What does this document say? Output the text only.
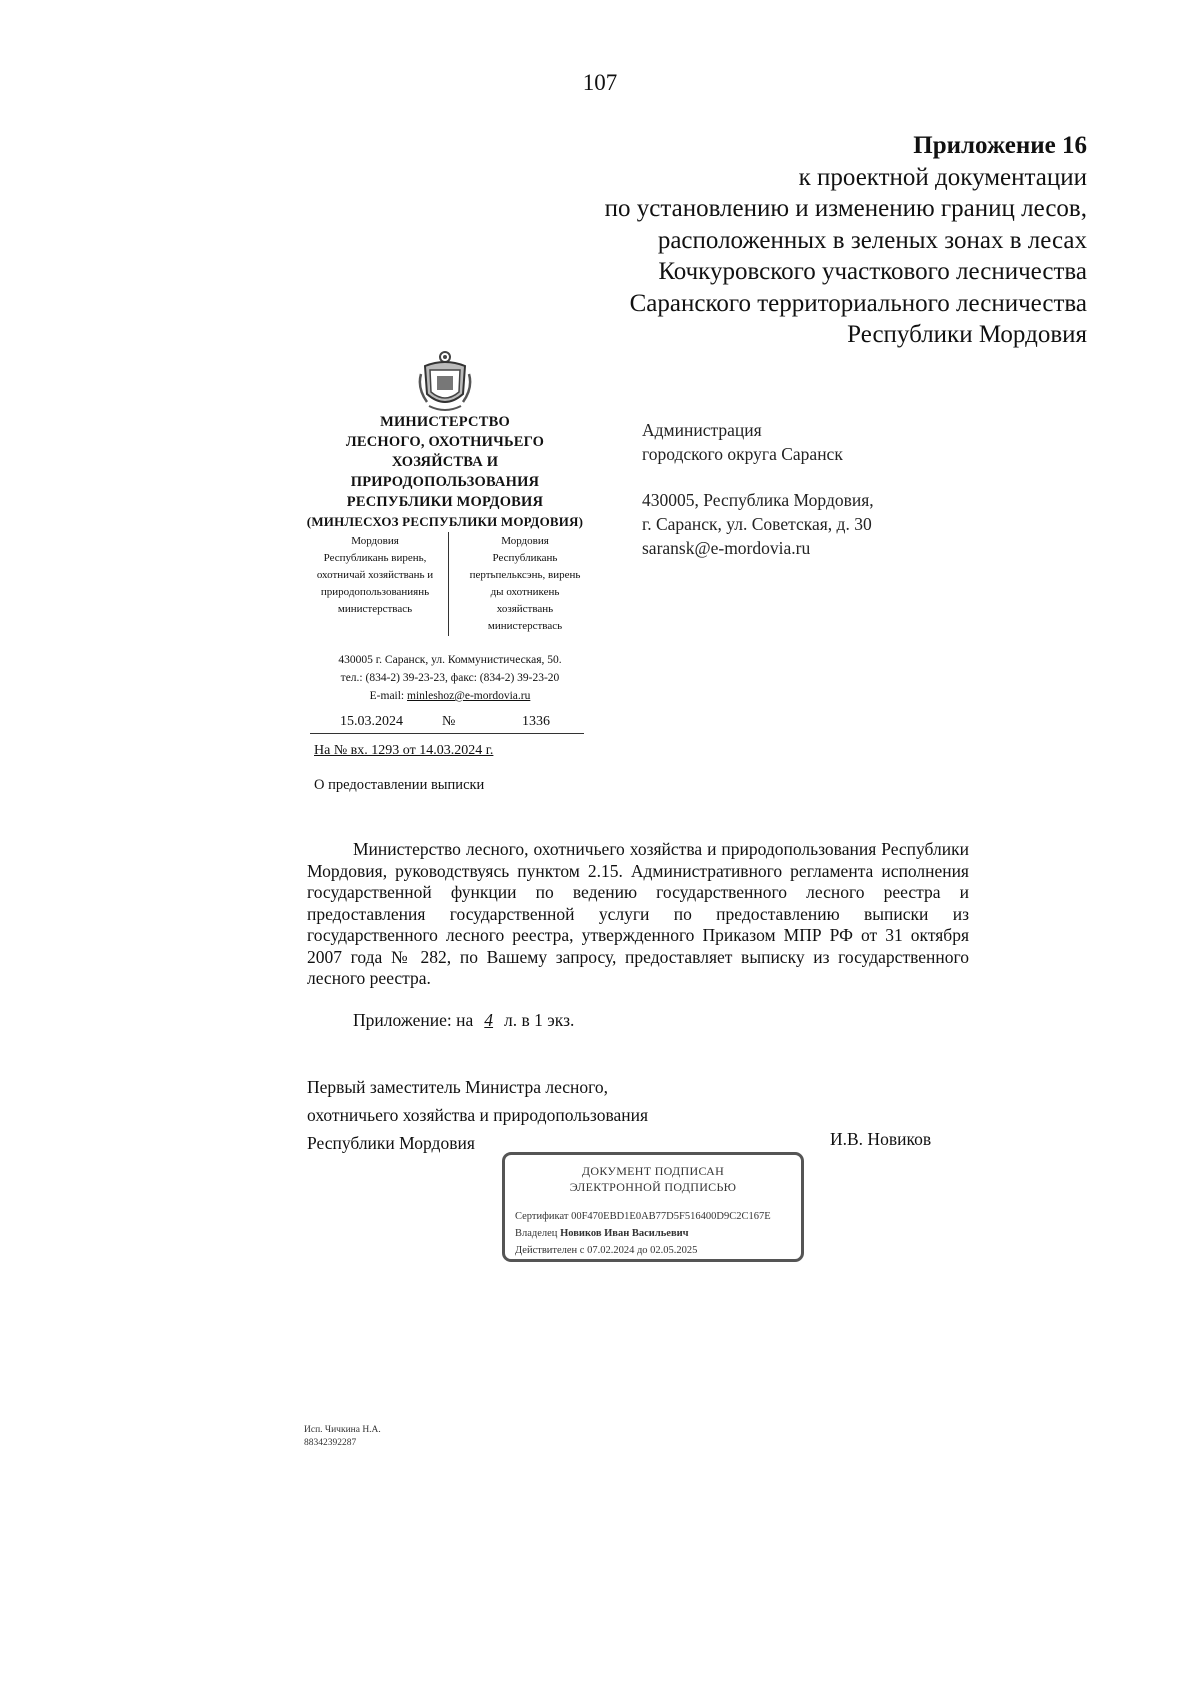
107
Приложение 16
к проектной документации
по установлению и изменению границ лесов,
расположенных в зеленых зонах в лесах
Кочкуровского участкового лесничества
Саранского территориального лесничества
Республики Мордовия
МИНИСТЕРСТВО
ЛЕСНОГО, ОХОТНИЧЬЕГО
ХОЗЯЙСТВА И
ПРИРОДОПОЛЬЗОВАНИЯ
РЕСПУБЛИКИ МОРДОВИЯ
(МИНЛЕСХОЗ РЕСПУБЛИКИ МОРДОВИЯ)
Мордовия
Республикань вирень,
охотничай хозяйствань и
природопользованиянь
министерствась
Мордовия
Республикань
пертьпельксэнь, вирень
ды охотникень
хозяйствань
министерствась
430005 г. Саранск, ул. Коммунистическая, 50.
тел.: (834-2) 39-23-23, факс: (834-2) 39-23-20
E-mail: minleshoz@e-mordovia.ru
15.03.2024	№	1336
На № вх. 1293 от 14.03.2024 г.
О предоставлении выписки
Администрация
городского округа Саранск
430005, Республика Мордовия,
г. Саранск, ул. Советская, д. 30
saransk@e-mordovia.ru
Министерство лесного, охотничьего хозяйства и природопользования Республики Мордовия, руководствуясь пунктом 2.15. Административного регламента исполнения государственной функции по ведению государственного лесного реестра и предоставления государственной услуги по предоставлению выписки из государственного лесного реестра, утвержденного Приказом МПР РФ от 31 октября 2007 года № 282, по Вашему запросу, предоставляет выписку из государственного лесного реестра.
Приложение: на 4 л. в 1 экз.
Первый заместитель Министра лесного,
охотничьего хозяйства и природопользования
Республики Мордовия	И.В. Новиков
ДОКУМЕНТ ПОДПИСАН
ЭЛЕКТРОННОЙ ПОДПИСЬЮ
Сертификат 00F470EBD1E0AB77D5F516400D9C2C167E
Владелец Новиков Иван Васильевич
Действителен с 07.02.2024 до 02.05.2025
Исп. Чичкина Н.А.
88342392287
